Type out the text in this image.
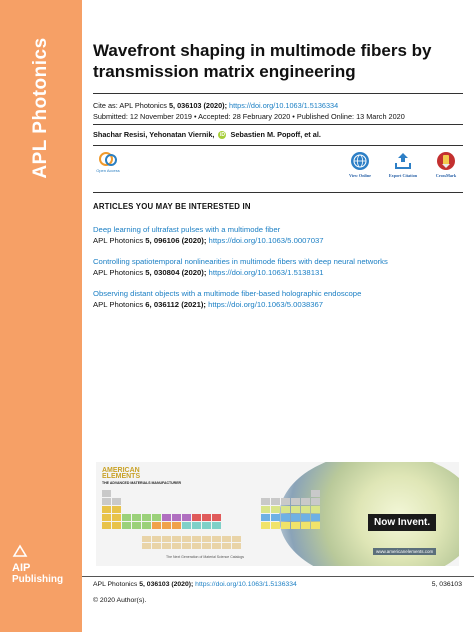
APL Photonics
AIP
Publishing
Wavefront shaping in multimode fibers by transmission matrix engineering
Cite as: APL Photonics 5, 036103 (2020); https://doi.org/10.1063/1.5136334
Submitted: 12 November 2019 • Accepted: 28 February 2020 • Published Online: 13 March 2020
Shachar Resisi, Yehonatan Viernik, iD Sebastien M. Popoff, et al.
Open Access
View Online	Export Citation	CrossMark
ARTICLES YOU MAY BE INTERESTED IN
Deep learning of ultrafast pulses with a multimode fiber
APL Photonics 5, 096106 (2020); https://doi.org/10.1063/5.0007037
Controlling spatiotemporal nonlinearities in multimode fibers with deep neural networks
APL Photonics 5, 030804 (2020); https://doi.org/10.1063/1.5138131
Observing distant objects with a multimode fiber-based holographic endoscope
APL Photonics 6, 036112 (2021); https://doi.org/10.1063/5.0038367
AMERICAN
ELEMENTS
THE ADVANCED MATERIALS MANUFACTURER
Now Invent.
www.americanelements.com
The Next Generation of Material Science Catalogs
APL Photonics 5, 036103 (2020); https://doi.org/10.1063/1.5136334	5, 036103
© 2020 Author(s).
